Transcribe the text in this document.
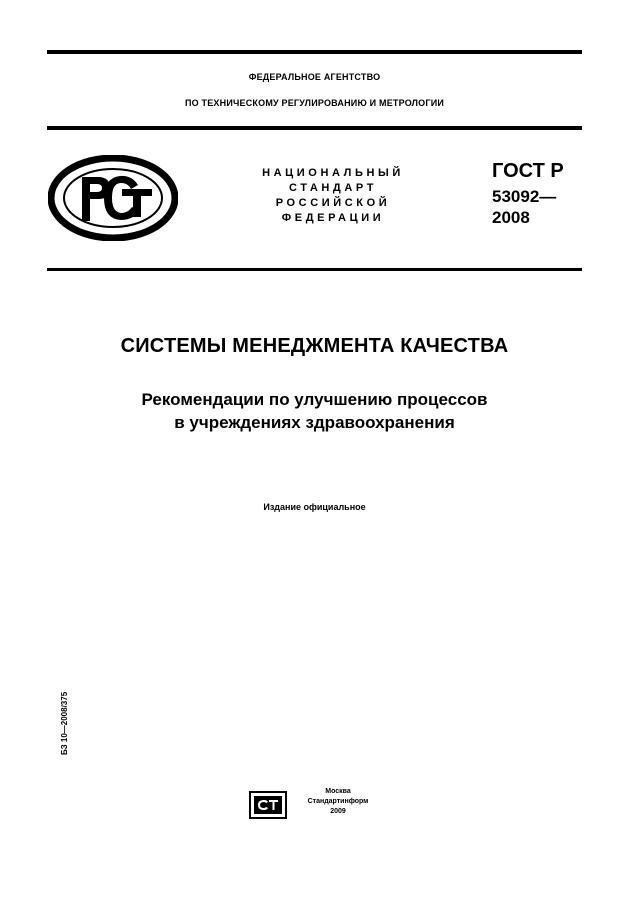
ФЕДЕРАЛЬНОЕ АГЕНТСТВО
ПО ТЕХНИЧЕСКОМУ РЕГУЛИРОВАНИЮ И МЕТРОЛОГИИ
НАЦИОНАЛЬНЫЙ
СТАНДАРТ
РОССИЙСКОЙ
ФЕДЕРАЦИИ
ГОСТ Р
53092—
2008
СИСТЕМЫ МЕНЕДЖМЕНТА КАЧЕСТВА
Рекомендации по улучшению процессов
в учреждениях здравоохранения
Издание официальное
БЗ 10—2008/375
Москва
Стандартинформ
2009
